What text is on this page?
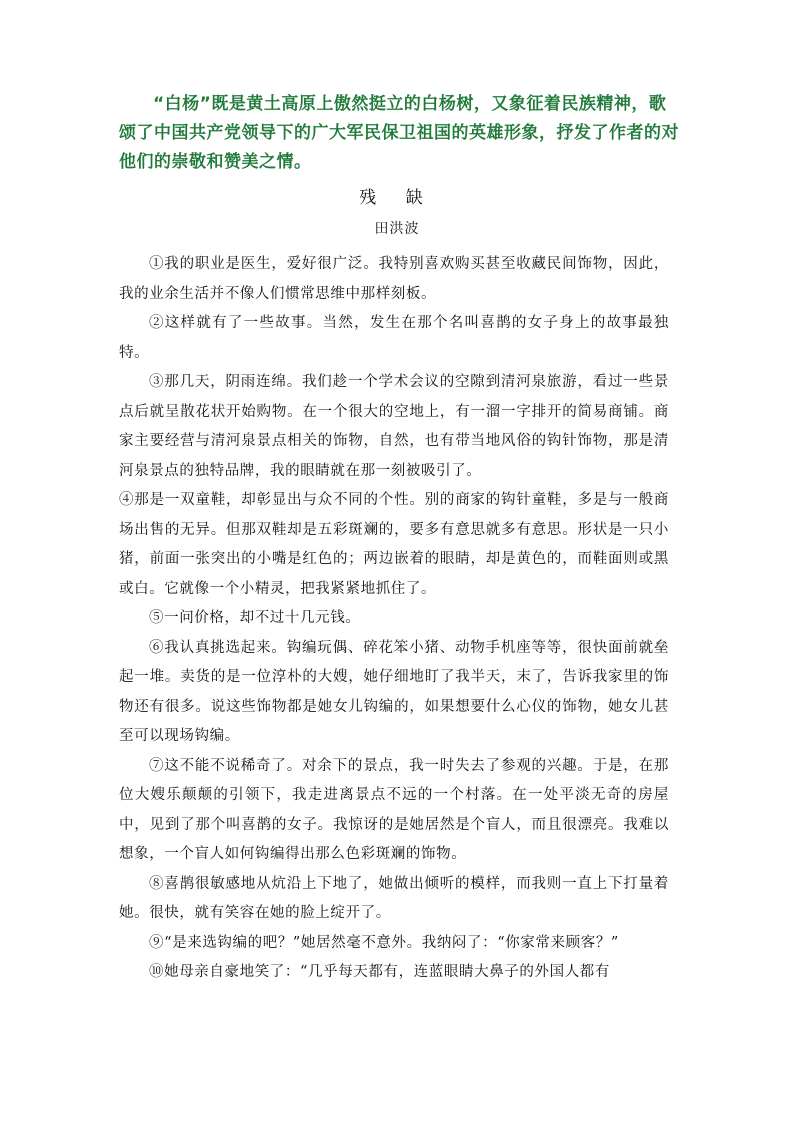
“白杨”既是黄土高原上傲然挺立的白杨树，又象征着民族精神，歌颂了中国共产党领导下的广大军民保卫祖国的英雄形象，抒发了作者的对他们的崇敬和赞美之情。
残 缺
田洪波

①我的职业是医生，爱好很广泛。我特别喜欢购买甚至收藏民间饰物，因此，我的业余生活并不像人们惯常思维中那样刻板。

②这样就有了一些故事。当然，发生在那个名叫喜鹊的女子身上的故事最独特。

③那几天，阴雨连绵。我们趁一个学术会议的空隙到清河泉旅游，看过一些景点后就呈散花状开始购物。在一个很大的空地上，有一溜一字排开的简易商铺。商家主要经营与清河泉景点相关的饰物，自然，也有带当地风俗的钩针饰物，那是清河泉景点的独特品牌，我的眼睛就在那一刻被吸引了。

④那是一双童鞋，却彰显出与众不同的个性。别的商家的钩针童鞋，多是与一般商场出售的无异。但那双鞋却是五彩斑斓的，要多有意思就多有意思。形状是一只小猪，前面一张突出的小嘴是红色的；两边嵌着的眼睛，却是黄色的，而鞋面则或黑或白。它就像一个小精灵，把我紧紧地抓住了。

⑤一问价格，却不过十几元钱。

⑥我认真挑选起来。钩编玩偶、碎花笨小猪、动物手机座等等，很快面前就垒起一堆。卖货的是一位淳朴的大嫂，她仔细地盯了我半天，末了，告诉我家里的饰物还有很多。说这些饰物都是她女儿钩编的，如果想要什么心仪的饰物，她女儿甚至可以现场钩编。

⑦这不能不说稀奇了。对余下的景点，我一时失去了参观的兴趣。于是，在那位大嫂乐颠颠的引领下，我走进离景点不远的一个村落。在一处平淡无奇的房屋中，见到了那个叫喜鹊的女子。我惊讶的是她居然是个盲人，而且很漂亮。我难以想象，一个盲人如何钩编得出那么色彩斑斓的饰物。

⑧喜鹊很敏感地从炕沿上下地了，她做出倾听的模样，而我则一直上下打量着她。很快，就有笑容在她的脸上绽开了。

⑨“是来选钩编的吧？”她居然毫不意外。我纳闷了：“你家常来顾客？”

⑩她母亲自豪地笑了：“几乎每天都有，连蓝眼睛大鼻子的外国人都有
